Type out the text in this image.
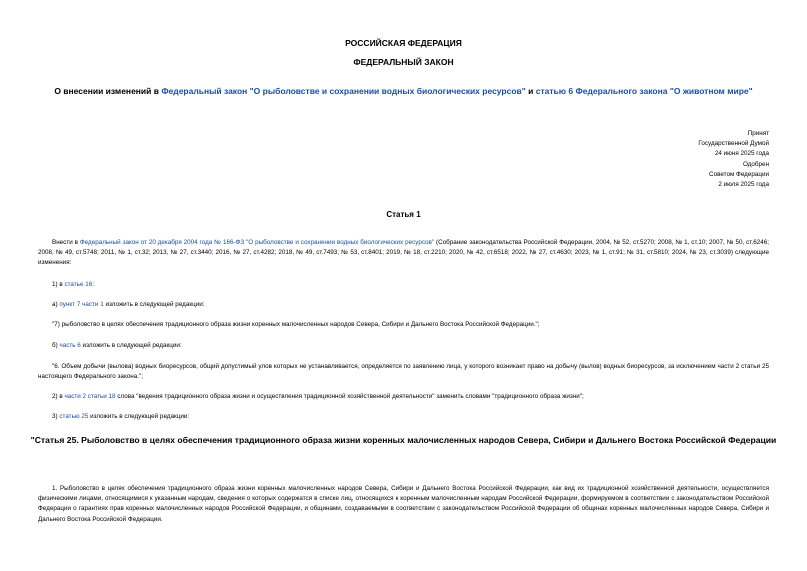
РОССИЙСКАЯ ФЕДЕРАЦИЯ
ФЕДЕРАЛЬНЫЙ ЗАКОН
О внесении изменений в Федеральный закон "О рыболовстве и сохранении водных биологических ресурсов" и статью 6 Федерального закона "О животном мире"
Принят
Государственной Думой
24 июня 2025 года
Одобрен
Советом Федерации
2 июля 2025 года
Статья 1
Внести в Федеральный закон от 20 декабря 2004 года № 166-ФЗ "О рыболовстве и сохранении водных биологических ресурсов" (Собрание законодательства Российской Федерации, 2004, № 52, ст.5270; 2008, № 1, ст.10; 2007, № 50, ст.6246; 2008, № 49, ст.5748; 2011, № 1, ст.32; 2013, № 27, ст.3440; 2016, № 27, ст.4282; 2018, № 49, ст.7493; № 53, ст.8401; 2019, № 18, ст.2210; 2020, № 42, ст.6518; 2022, № 27, ст.4630; 2023, № 1, ст.91; № 31, ст.5810; 2024, № 23, ст.3039) следующие изменения:
1) в статье 16:
а) пункт 7 части 1 изложить в следующей редакции:
"7) рыболовство в целях обеспечения традиционного образа жизни коренных малочисленных народов Севера, Сибири и Дальнего Востока Российской Федерации.";
б) часть 6 изложить в следующей редакции:
"6. Объем добычи (вылова) водных биоресурсов, общий допустимый улов которых не устанавливается, определяется по заявлению лица, у которого возникает право на добычу (вылов) водных биоресурсов, за исключением части 2 статьи 25 настоящего Федерального закона.";
2) в части 2 статьи 18 слова "ведения традиционного образа жизни и осуществления традиционной хозяйственной деятельности" заменить словами "традиционного образа жизни";
3) статью 25 изложить в следующей редакции:
"Статья 25. Рыболовство в целях обеспечения традиционного образа жизни коренных малочисленных народов Севера, Сибири и Дальнего Востока Российской Федерации
1. Рыболовство в целях обеспечения традиционного образа жизни коренных малочисленных народов Севера, Сибири и Дальнего Востока Российской Федерации, как вид их традиционной хозяйственной деятельности, осуществляется физическими лицами, относящимися к указанным народам, сведения о которых содержатся в списке лиц, относящихся к коренным малочисленным народам Российской Федерации, формируемом в соответствии с законодательством Российской Федерации о гарантиях прав коренных малочисленных народов Российской Федерации, и общинами, создаваемыми в соответствии с законодательством Российской Федерации об общинах коренных малочисленных народов Севера, Сибири и Дальнего Востока Российской Федерации.
